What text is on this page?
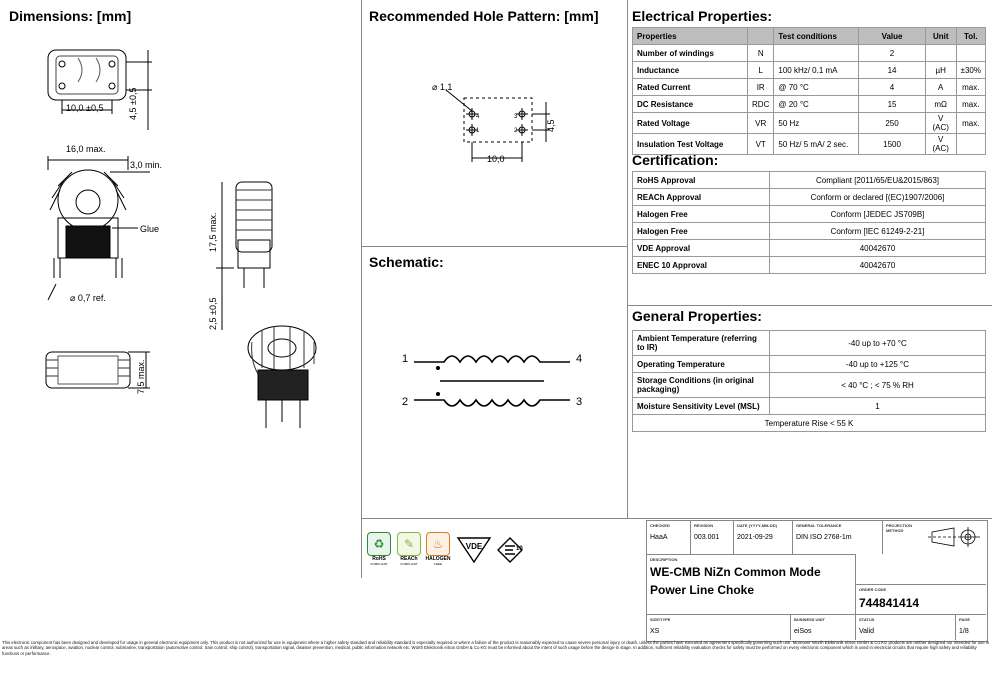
Dimensions: [mm]	Recommended Hole Pattern: [mm]
Schematic:
Electrical Properties:
Certification:
General Properties:
10,0 ±0,5	4,5 ±0,5
16,0 max.
3,0 min.
Glue
⌀ 0,7 ref.
17,5 max.
2,5 ±0,5
7,5 max.
⌀ 1,1
4,5
10,0
4
1
3
2
1
2
4
3
Properties		Test conditions	Value	Unit	Tol.
Number of windings	N		2		
Inductance	L	100 kHz/ 0.1 mA	14	µH	±30%
Rated Current	IR	@ 70 °C	4	A	max.
DC Resistance	RDC	@ 20 °C	15	mΩ	max.
Rated Voltage	VR	50 Hz	250	V (AC)	max.
Insulation Test Voltage	VT	50 Hz/ 5 mA/ 2 sec.	1500	V (AC)	
RoHS Approval	Compliant [2011/65/EU&2015/863]
REACh Approval	Conform or declared [(EC)1907/2006]
Halogen Free	Conform [JEDEC JS709B]
Halogen Free	Conform [IEC 61249-2-21]
VDE Approval	40042670
ENEC 10 Approval	40042670
Ambient Temperature (referring to IR)	-40 up to +70 °C
Operating Temperature	-40 up to +125 °C
Storage Conditions (in original packaging)	< 40 °C ; < 75 % RH
Moisture Sensitivity Level (MSL)	1
Temperature Rise < 55 K	
♻
RoHS
COMPLIANT
✎
REACh
COMPLIANT
♨
HALOGEN
FREE
VDE	10
CHECKED
HaaA
REVISION
003.001
DATE (YYYY-MM-DD)
2021-09-29
GENERAL TOLERANCE
DIN ISO 2768-1m
PROJECTION METHOD
DESCRIPTION
WE-CMB NiZn Common Mode
Power Line Choke	ORDER CODE
744841414
SIZE/TYPE
XS
BUSINESS UNIT
eiSos
STATUS
Valid
PAGE
1/8
This electronic component has been designed and developed for usage in general electronic equipment only. This product is not authorized for use in equipment where a higher safety standard and reliability standard is especially required or where a failure of the product is reasonably expected to cause severe personal injury or death, unless the parties have executed an agreement specifically governing such use. Moreover Würth Elektronik eiSos GmbH & Co KG products are neither designed nor intended for use in areas such as military, aerospace, aviation, nuclear control, submarine, transportation (automotive control, train control, ship control), transportation signal, disaster prevention, medical, public information network etc. Würth Elektronik eiSos GmbH & Co KG must be informed about the intent of such usage before the design-in stage. In addition, sufficient reliability evaluation checks for safety must be performed on every electronic component which is used in electrical circuits that require high safety and reliability functions or performance.
